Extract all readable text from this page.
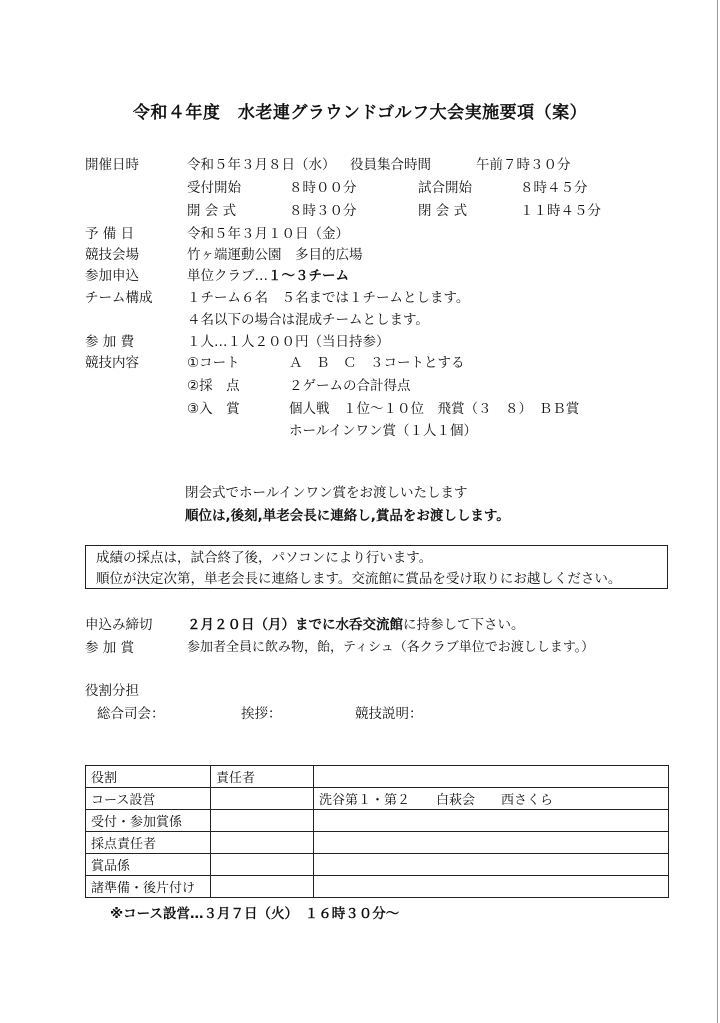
令和４年度　水老連グラウンドゴルフ大会実施要項（案）
開催日時	令和５年３月８日（水） 役員集合時間	午前７時３０分
受付開始	８時００分	試合開始	８時４５分
開 会 式	８時３０分	閉 会 式	１１時４５分
予 備 日	令和５年３月１０日（金）
競技会場	竹ヶ端運動公園　多目的広場
参加申込	単位クラブ…１～３チーム
チーム構成	１チーム６名　５名までは１チームとします。
４名以下の場合は混成チームとします。
参 加 費	１人…１人２００円（当日持参）
競技内容	①コート	Ａ　Ｂ　Ｃ　３コートとする
②採　点	２ゲームの合計得点
③入　賞	個人戦　１位～１０位　飛賞（３　８）　ＢＢ賞
ホールインワン賞（１人１個）
閉会式でホールインワン賞をお渡しいたします
順位は,後刻,単老会長に連絡し,賞品をお渡しします。
成績の採点は，試合終了後，パソコンにより行います。
順位が決定次第，単老会長に連絡します。交流館に賞品を受け取りにお越しください。
申込み締切	２月２０日（月）までに水呑交流館に持参して下さい。
参 加 賞	参加者全員に飲み物，飴，ティシュ（各クラブ単位でお渡しします。）
役割分担
総合司会：	挨拶：	競技説明：
役割	責任者	
コース設営		洗谷第１・第２　　白萩会　　西さくら
受付・参加賞係		
採点責任者		
賞品係		
諸準備・後片付け		
※コース設営…３月７日（火）　１６時３０分～
